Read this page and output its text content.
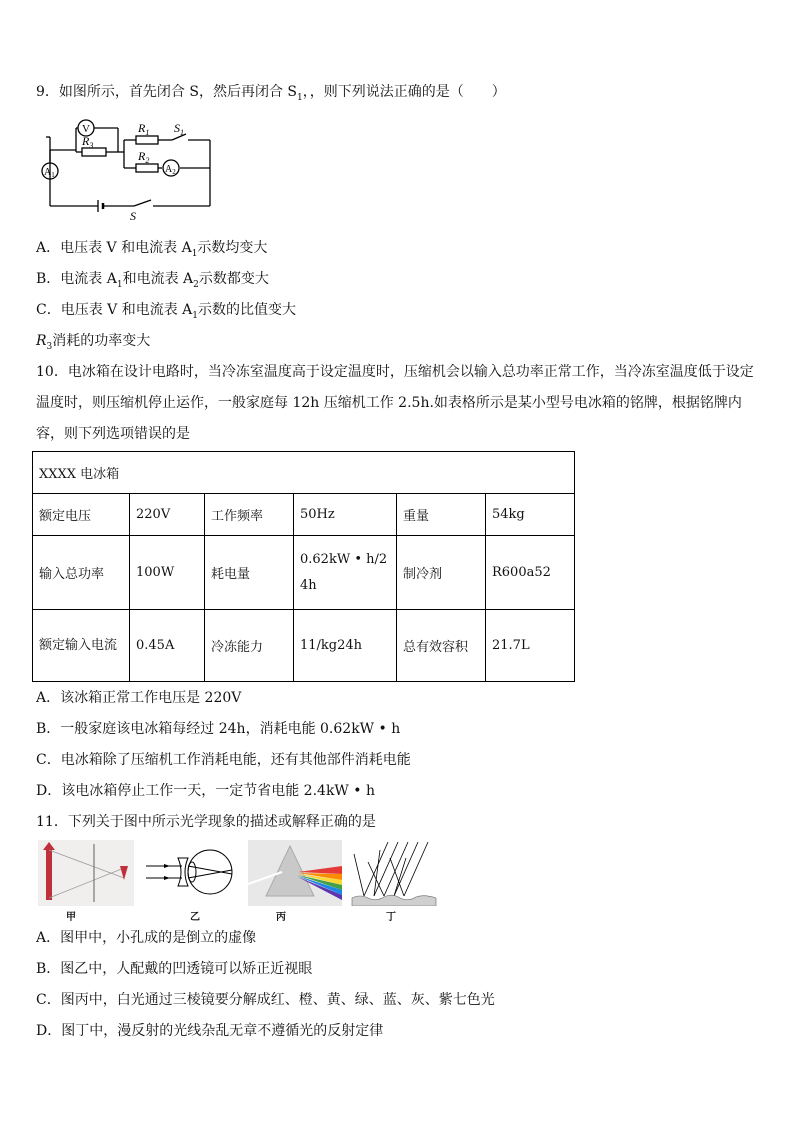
9．如图所示，首先闭合 S，然后再闭合 $S_1$，，则下列说法正确的是（　　）
V
$R_3$
$R_1$ $S_1$
$R_2$
$A_2$
$A_1$
S
A．电压表 V 和电流表 $A_1$示数均变大
B．电流表 $A_1$和电流表 $A_2$示数都变大
C．电压表 V 和电流表 $A_1$示数的比值变大
$R_3$消耗的功率变大
10．电冰箱在设计电路时，当冷冻室温度高于设定温度时，压缩机会以输入总功率正常工作，当冷冻室温度低于设定温度时，则压缩机停止运作，一般家庭每 12h 压缩机工作 2.5h.如表格所示是某小型号电冰箱的铭牌，根据铭牌内容，则下列选项错误的是
XXXX 电冰箱					
额定电压	220V	工作频率	50Hz	重量	54kg
输入总功率	100W	耗电量	0.62kW • h/24h	制冷剂	R600a52
额定输入电流	0.45A	冷冻能力	11/kg24h	总有效容积	21.7L
A．该冰箱正常工作电压是 220V
B．一般家庭该电冰箱每经过 24h，消耗电能 0.62kW • h
C．电冰箱除了压缩机工作消耗电能，还有其他部件消耗电能
D．该电冰箱停止工作一天，一定节省电能 2.4kW • h
11．下列关于图中所示光学现象的描述或解释正确的是
甲	乙	丙	丁
A．图甲中，小孔成的是倒立的虚像
B．图乙中，人配戴的凹透镜可以矫正近视眼
C．图丙中，白光通过三棱镜要分解成红、橙、黄、绿、蓝、灰、紫七色光
D．图丁中，漫反射的光线杂乱无章不遵循光的反射定律
